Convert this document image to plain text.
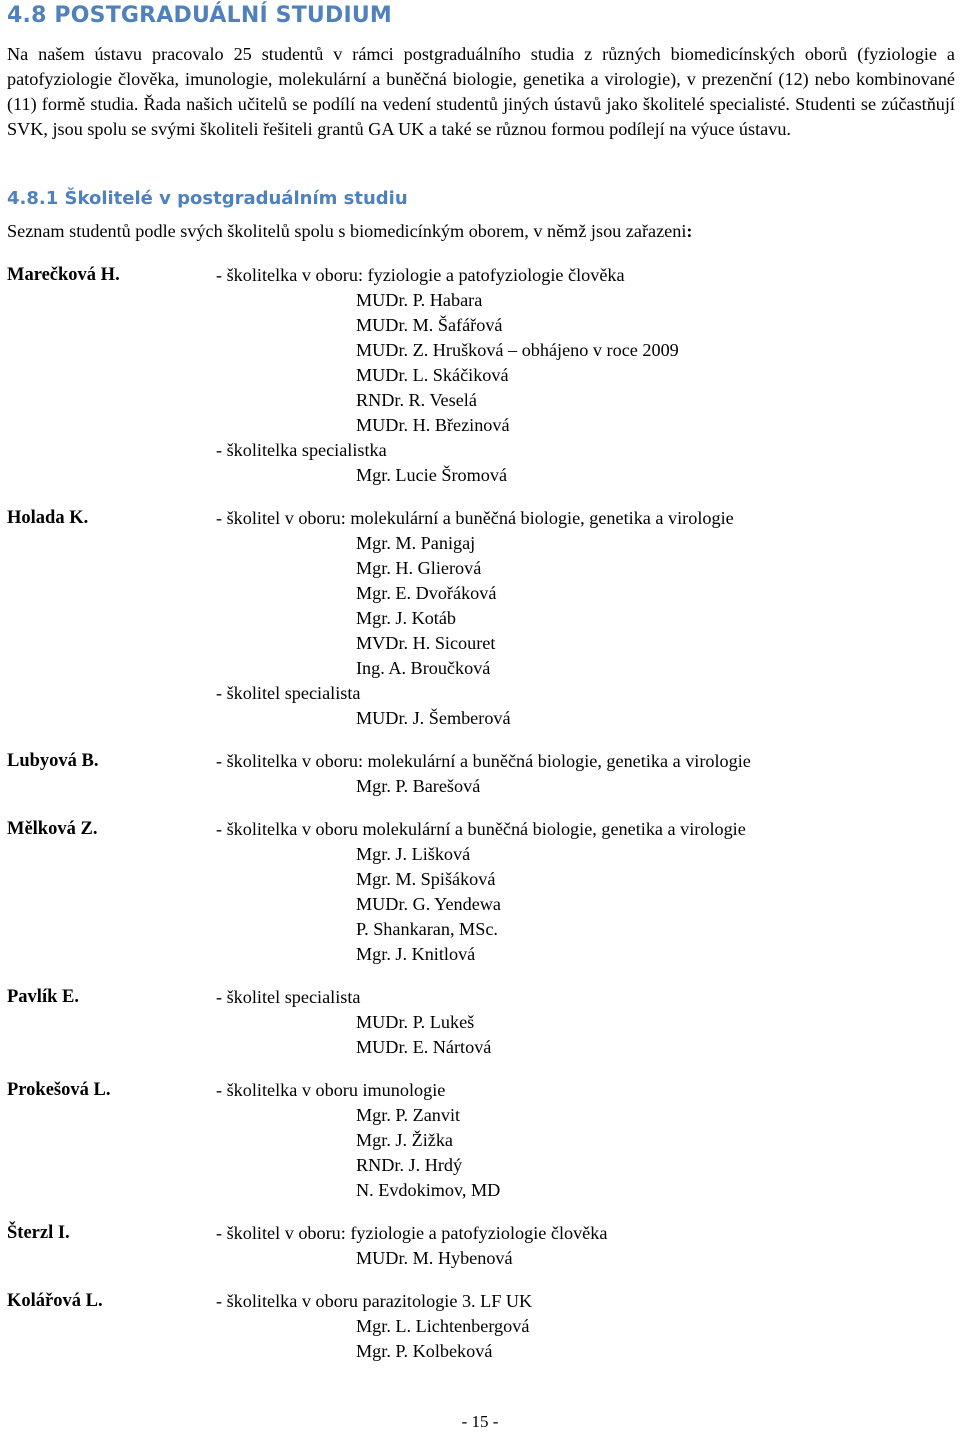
4.8 POSTGRADUÁLNÍ STUDIUM

Na našem ústavu pracovalo 25 studentů v rámci postgraduálního studia z různých biomedicínských oborů (fyziologie a patofyziologie člověka, imunologie, molekulární a buněčná biologie, genetika a virologie), v prezenční (12) nebo kombinované (11) formě studia. Řada našich učitelů se podílí na vedení studentů jiných ústavů jako školitelé specialisté. Studenti se zúčastňují SVK, jsou spolu se svými školiteli řešiteli grantů GA UK a také se různou formou podílejí na výuce ústavu.

4.8.1 Školitelé v postgraduálním studiu

Seznam studentů podle svých školitelů spolu s biomedicínkým oborem, v němž jsou zařazeni:

Marečková H.	- školitelka v oboru: fyziologie a patofyziologie člověka
MUDr. P. Habara
MUDr. M. Šafářová
MUDr. Z. Hrušková – obhájeno v roce 2009
MUDr. L. Skáčiková
RNDr. R. Veselá
MUDr. H. Březinová
- školitelka specialistka
Mgr. Lucie Šromová
Holada K.	- školitel v oboru: molekulární a buněčná biologie, genetika a virologie
Mgr. M. Panigaj
Mgr. H. Glierová
Mgr. E. Dvořáková
Mgr. J. Kotáb
MVDr. H. Sicouret
Ing. A. Broučková
- školitel specialista
MUDr. J. Šemberová
Lubyová B.	- školitelka v oboru: molekulární a buněčná biologie, genetika a virologie
Mgr. P. Barešová
Mělková Z.	- školitelka v oboru molekulární a buněčná biologie, genetika a virologie
Mgr. J. Lišková
Mgr. M. Spišáková
MUDr. G. Yendewa
P. Shankaran, MSc.
Mgr. J. Knitlová
Pavlík E.	- školitel specialista
MUDr. P. Lukeš
MUDr. E. Nártová
Prokešová L.	- školitelka v oboru imunologie
Mgr. P. Zanvit
Mgr. J. Žižka
RNDr. J. Hrdý
N. Evdokimov, MD
Šterzl I.	- školitel v oboru: fyziologie a patofyziologie člověka
MUDr. M. Hybenová
Kolářová L.	- školitelka v oboru parazitologie 3. LF UK
Mgr. L. Lichtenbergová
Mgr. P. Kolbeková
- 15 -
